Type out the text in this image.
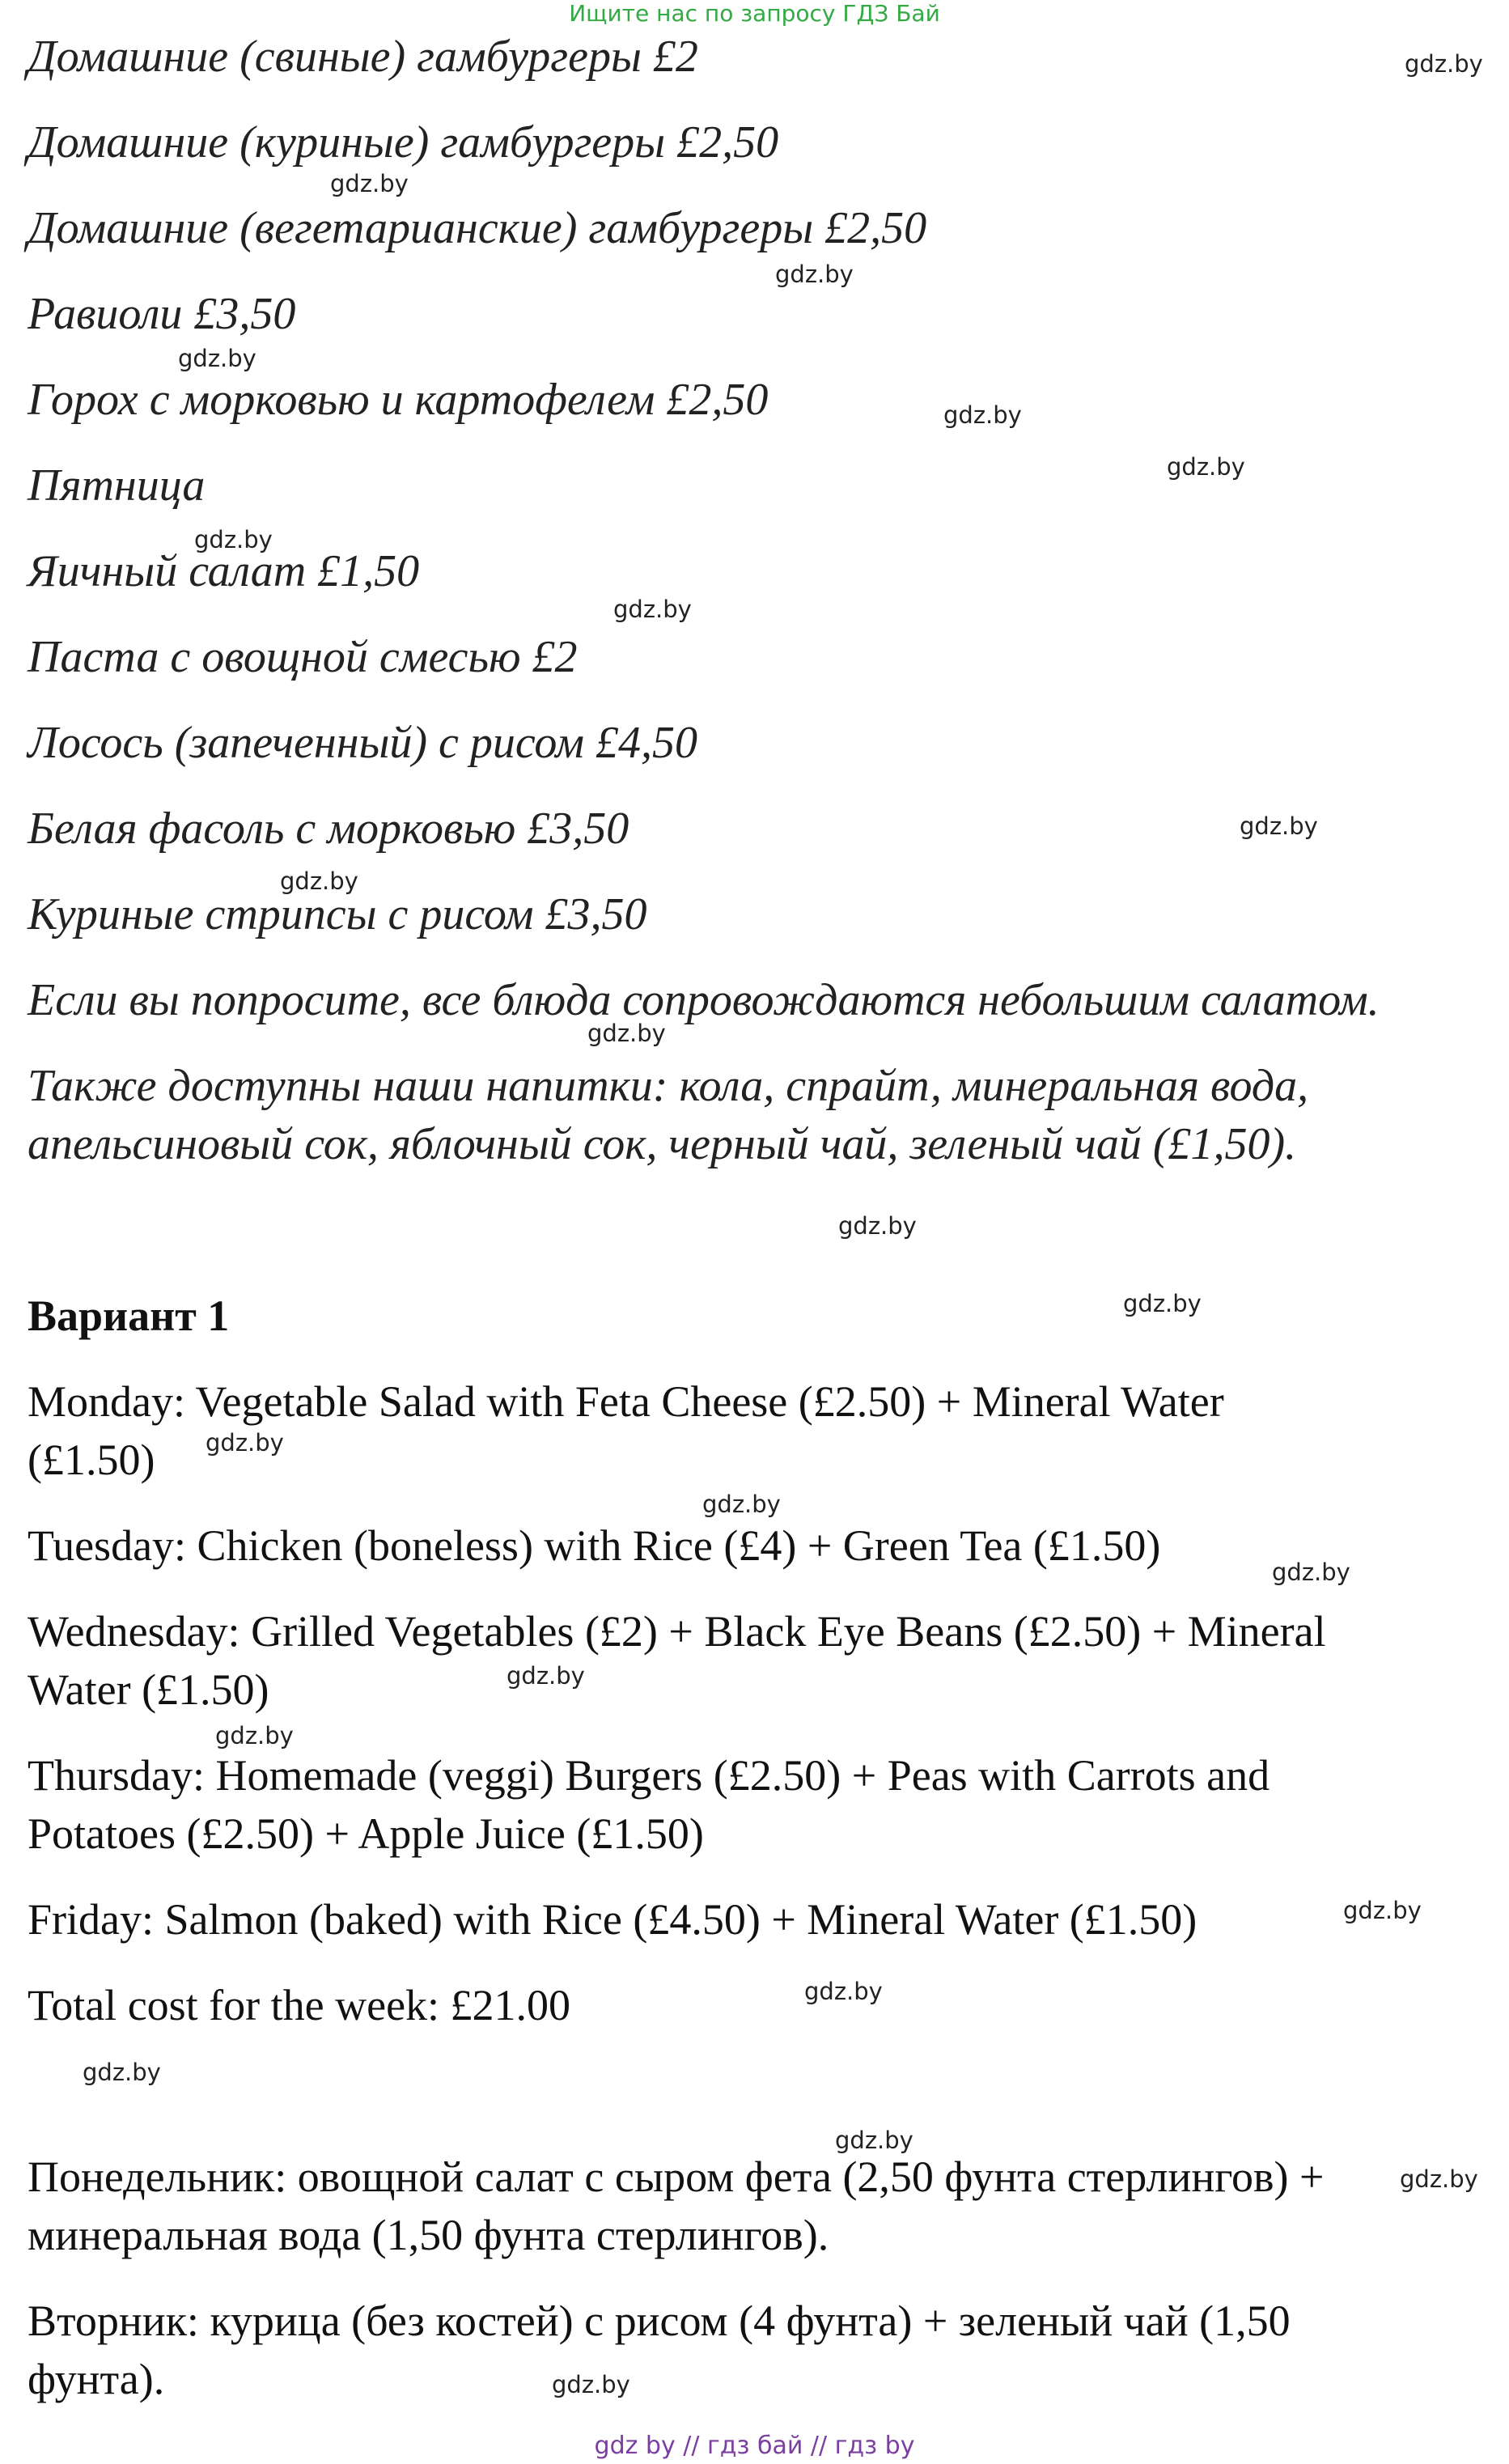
Ищите нас по запросу ГДЗ Бай
Домашние (свиные) гамбургеры £2
Домашние (куриные) гамбургеры £2,50
Домашние (вегетарианские) гамбургеры £2,50
Равиоли £3,50
Горох с морковью и картофелем £2,50
Пятница
Яичный салат £1,50
Паста с овощной смесью £2
Лосось (запеченный) с рисом £4,50
Белая фасоль с морковью £3,50
Куриные стрипсы с рисом £3,50
Если вы попросите, все блюда сопровождаются небольшим салатом.
Также доступны наши напитки: кола, спрайт, минеральная вода,
апельсиновый сок, яблочный сок, черный чай, зеленый чай (£1,50).
Вариант 1
Monday: Vegetable Salad with Feta Cheese (£2.50) + Mineral Water
(£1.50)
Tuesday: Chicken (boneless) with Rice (£4) + Green Tea (£1.50)
Wednesday: Grilled Vegetables (£2) + Black Eye Beans (£2.50) + Mineral
Water (£1.50)
Thursday: Homemade (veggi) Burgers (£2.50) + Peas with Carrots and
Potatoes (£2.50) + Apple Juice (£1.50)
Friday: Salmon (baked) with Rice (£4.50) + Mineral Water (£1.50)
Total cost for the week: £21.00
Понедельник: овощной салат с сыром фета (2,50 фунта стерлингов) +
минеральная вода (1,50 фунта стерлингов).
Вторник: курица (без костей) с рисом (4 фунта) + зеленый чай (1,50
фунта).
gdz.by
gdz.by
gdz.by
gdz.by
gdz.by
gdz.by
gdz.by
gdz.by
gdz.by
gdz.by
gdz.by
gdz.by
gdz.by
gdz.by
gdz.by
gdz.by
gdz.by
gdz.by
gdz.by
gdz.by
gdz.by
gdz.by
gdz.by
gdz.by
gdz by // гдз бай // гдз by
